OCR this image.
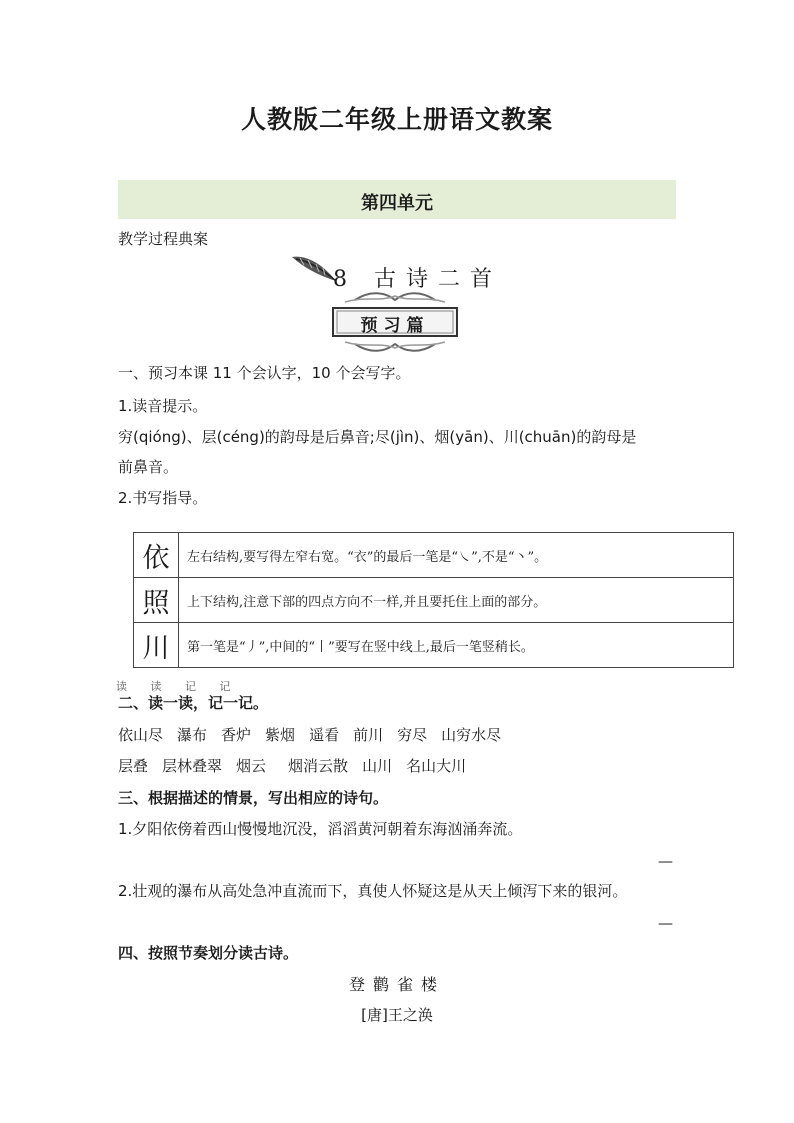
人教版二年级上册语文教案
第四单元
教学过程典案
8 古诗二首
预习篇
一、预习本课 11 个会认字，10 个会写字。
1.读音提示。
穷(qióng)、层(céng)的韵母是后鼻音;尽(jìn)、烟(yān)、川(chuān)的韵母是
前鼻音。
2.书写指导。
依	左右结构,要写得左窄右宽。“衣”的最后一笔是“㇏”,不是“丶”。
照	上下结构,注意下部的四点方向不一样,并且要托住上面的部分。
川	第一笔是“丿”,中间的“丨”要写在竖中线上,最后一笔竖稍长。
读 读 记 记
二、读一读，记一记。
依山尽 瀑布 香炉 紫烟 遥看 前川 穷尽 山穷水尽
层叠 层林叠翠 烟云 烟消云散 山川 名山大川
三、根据描述的情景，写出相应的诗句。
1.夕阳依傍着西山慢慢地沉没，滔滔黄河朝着东海汹涌奔流。
—
2.壮观的瀑布从高处急冲直流而下，真使人怀疑这是从天上倾泻下来的银河。
—
四、按照节奏划分读古诗。
登鹳雀楼
[唐]王之涣
